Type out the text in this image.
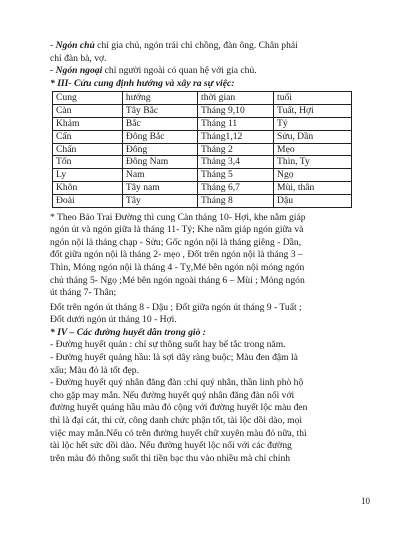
- Ngón chủ chỉ gia chủ, ngón trái chỉ chồng, đàn ông. Chân phải

chỉ đàn bà, vợ.

- Ngón ngoại chỉ người ngoài có quan hệ với gia chủ.

* III- Cửu cung định hướng và xây ra sự việc:

Cung	hướng	thời gian	tuổi
Càn	Tây Bắc	Tháng 9,10	Tuất, Hợi
Khảm	Bắc	Tháng 11	Tý
Cấn	Đông Bắc	Tháng1,12	Sửu, Dần
Chấn	Đông	Tháng 2	Mẹo
Tốn	Đông Nam	Tháng 3,4	Thìn, Ty
Ly	Nam	Tháng 5	Ngọ
Khôn	Tây nam	Tháng 6,7	Mùi, thân
Đoài	Tây	Tháng 8	Dậu

* Theo Bảo Trai Đường thì cung Càn tháng 10- Hợi, khe nằm giáp

ngón út và ngón giữa là tháng 11- Tý; Khe nằm giáp ngón giữa và

ngón nội là tháng chạp - Sửu; Gốc ngón nội là tháng giêng - Dần,

đốt giữa ngón nội là tháng 2- mẹo , Đốt trên ngón nội là tháng 3 –

Thìn, Móng ngón nội là tháng 4 - Tỵ,Mé bên ngón nội móng ngón

chủ tháng 5- Ngọ ;Mé bên ngón ngoài tháng 6 – Mùi ; Móng ngón

út tháng 7- Thân;

Đốt trên ngón út tháng 8 - Dậu ; Đốt giữa ngón út tháng 9 - Tuất ;

Đốt dưới ngón út tháng 10 - Hợi.

* IV – Các đường huyết dẫn trong giò :

- Đường huyết quản : chỉ sự thông suốt hay bế tắc trong năm.

- Đường huyết quảng hầu: là sợi dây ràng buộc; Màu đen đậm là

xấu; Màu đỏ là tốt đẹp.

- Đường huyết quý nhân đăng đàn :chỉ quý nhân, thần linh phò hộ

cho gặp may mắn. Nếu đường huyết quý nhân đăng đàn nối với

đường huyết quảng hầu màu đỏ cộng với đường huyết lộc màu đen

thì là đại cát, thi cử, công danh chức phận tốt, tài lộc dồi dào, mọi

việc may mắn.Nếu có trên đường huyết chữ xuyên màu đỏ nữa, thì

tài lộc hết sức dồi dào. Nếu đường huyết lộc nối với các đường

trên màu đỏ thông suốt thì tiền bạc thu vào nhiều mà chỉ chính

10
